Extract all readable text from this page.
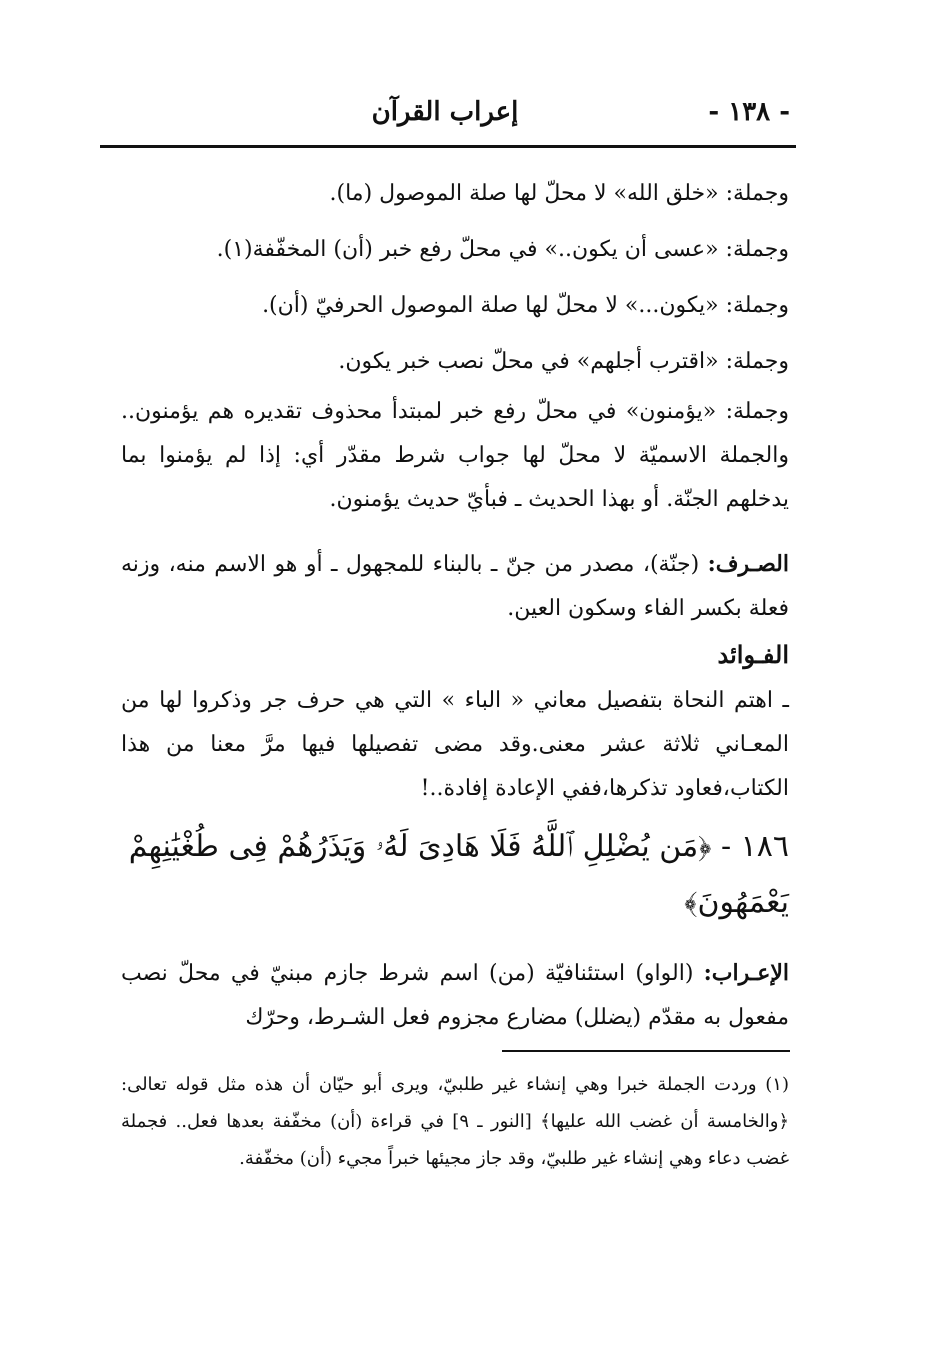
- ١٣٨ -
إعراب القرآن
وجملة: «خلق الله» لا محلّ لها صلة الموصول (ما).
وجملة: «عسى أن يكون..» في محلّ رفع خبر (أن) المخفّفة(١).
وجملة: «يكون...» لا محلّ لها صلة الموصول الحرفيّ (أن).
وجملة: «اقترب أجلهم» في محلّ نصب خبر يكون.

وجملة: «يؤمنون» في محلّ رفع خبر لمبتدأ محذوف تقديره هم يؤمنون.. والجملة الاسميّة لا محلّ لها جواب شرط مقدّر أي: إذا لم يؤمنوا بما يدخلهم الجنّة. أو بهذا الحديث ـ فبأيّ حديث يؤمنون.

الصـرف: (جنّة)، مصدر من جنّ ـ بالبناء للمجهول ـ أو هو الاسم منه، وزنه فعلة بكسر الفاء وسكون العين.

الفـوائد

ـ اهتم النحاة بتفصيل معاني « الباء » التي هي حرف جر وذكروا لها من المعـاني ثلاثة عشر معنى.وقد مضى تفصيلها فيها مرَّ معنا من هذا الكتاب،فعاود تذكرها،ففي الإعادة إفادة..!

١٨٦ - ﴿مَن يُضْلِلِ ٱللَّهُ فَلَا هَادِىَ لَهُۥ وَيَذَرُهُمْ فِى طُغْيَٰنِهِمْ يَعْمَهُونَ﴾

الإعـراب: (الواو) استئنافيّة (من) اسم شرط جازم مبنيّ في محلّ نصب مفعول به مقدّم (يضلل) مضارع مجزوم فعل الشـرط، وحرّك

(١) وردت الجملة خبرا وهي إنشاء غير طلبيّ، ويرى أبو حيّان أن هذه مثل قوله تعالى: ﴿والخامسة أن غضب الله عليها﴾ [النور ـ ٩] في قراءة (أن) مخفّفة بعدها فعل.. فجملة غضب دعاء وهي إنشاء غير طلبيّ، وقد جاز مجيئها خبراً مجيء (أن) مخفّفة.
